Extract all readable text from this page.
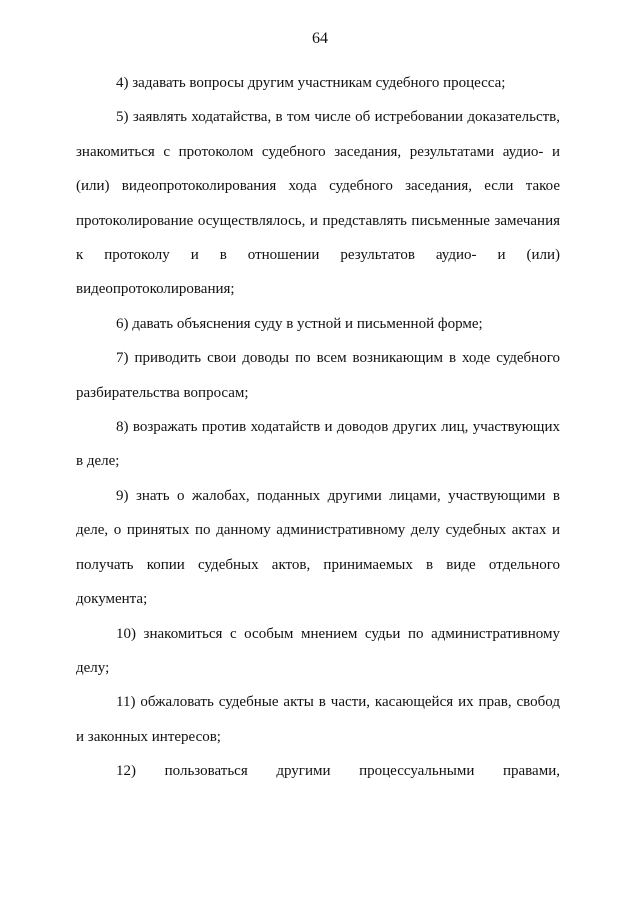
64

4) задавать вопросы другим участникам судебного процесса;

5) заявлять ходатайства, в том числе об истребовании доказательств, знакомиться с протоколом судебного заседания, результатами аудио- и (или) видеопротоколирования хода судебного заседания, если такое протоколирование осуществлялось, и представлять письменные замечания к протоколу и в отношении результатов аудио- и (или) видеопротоколирования;

6) давать объяснения суду в устной и письменной форме;

7) приводить свои доводы по всем возникающим в ходе судебного разбирательства вопросам;

8) возражать против ходатайств и доводов других лиц, участвующих в деле;

9) знать о жалобах, поданных другими лицами, участвующими в деле, о принятых по данному административному делу судебных актах и получать копии судебных актов, принимаемых в виде отдельного документа;

10) знакомиться с особым мнением судьи по административному делу;

11) обжаловать судебные акты в части, касающейся их прав, свобод и законных интересов;

12) пользоваться другими процессуальными правами,
